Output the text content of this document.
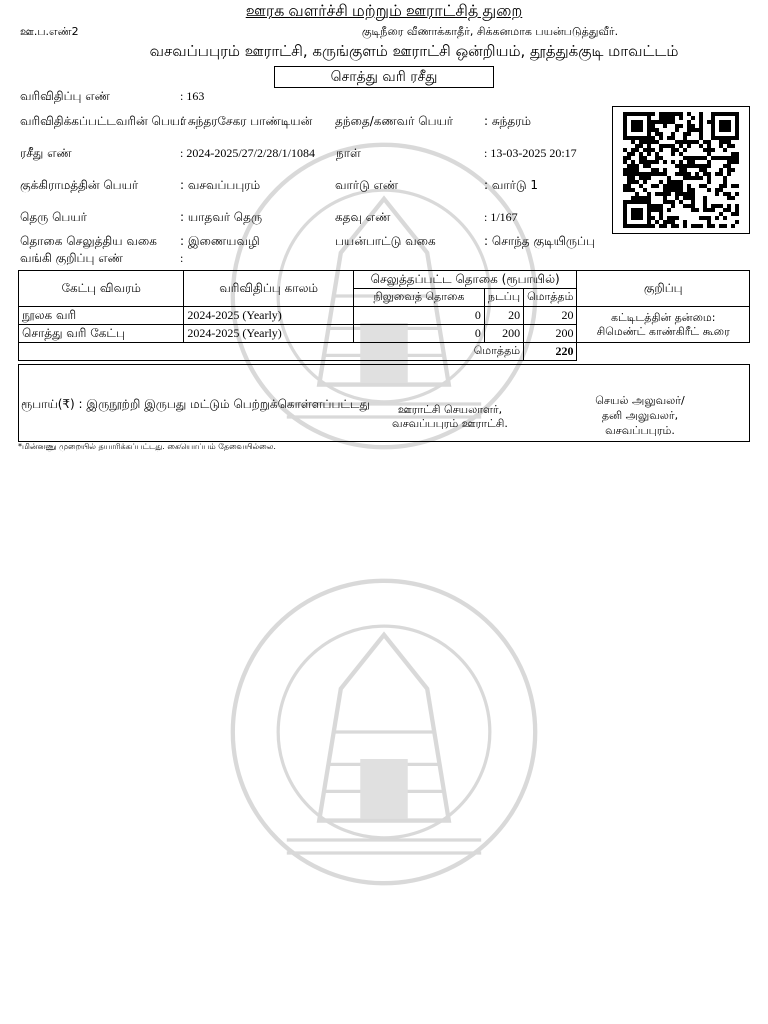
ஊரக வளர்ச்சி மற்றும் ஊராட்சித் துறை
ஊ.ப.எண்2	குடிநீரை வீணாக்காதீர், சிக்கனமாக பயன்படுத்துவீர்.
வசவப்பபுரம் ஊராட்சி, கருங்குளம் ஊராட்சி ஒன்றியம், தூத்துக்குடி மாவட்டம்
சொத்து வரி ரசீது
வரிவிதிப்பு எண்	: 163
வரிவிதிக்கப்பட்டவரின் பெயர்
: சுந்தரசேகர பாண்டியன் தந்தை/கணவர் பெயர்	: சுந்தரம்
ரசீது எண்	: 2024-2025/27/2/28/1/1084 நாள்	: 13-03-2025 20:17
குக்கிராமத்தின் பெயர்	: வசவப்பபுரம்	வார்டு எண்	: வார்டு 1
தெரு பெயர்	: யாதவர் தெரு	கதவு எண்	: 1/167
தொகை செலுத்திய வகை : இணையவழி	பயன்பாட்டு வகை	: சொந்த குடியிருப்பு
வங்கி குறிப்பு எண்	:
கேட்பு விவரம்	வரிவிதிப்பு காலம்	செலுத்தப்பட்ட தொகை (ரூபாயில்)			குறிப்பு
		நிலுவைத் தொகை	நடப்பு	மொத்தம்	
நூலக வரி	2024-2025 (Yearly)	0	20	20	கட்டிடத்தின் தன்மை:
சிமெண்ட் காண்கிரீட் கூரை

சொத்து வரி கேட்பு	2024-2025 (Yearly)	0	200	200	
மொத்தம்				220	
ரூபாய்(₹) : இருநூற்றி இருபது மட்டும் பெற்றுக்கொள்ளப்பட்டது	ஊராட்சி செயலாளர்,
வசவப்பபுரம் ஊராட்சி.
செயல் அலுவலர்/
தனி அலுவலர்,
வசவப்பபுரம்.
*மின்னணு முறையில் தயாரிக்கப்பட்டது. கையொப்பம் தேவையில்லை.
